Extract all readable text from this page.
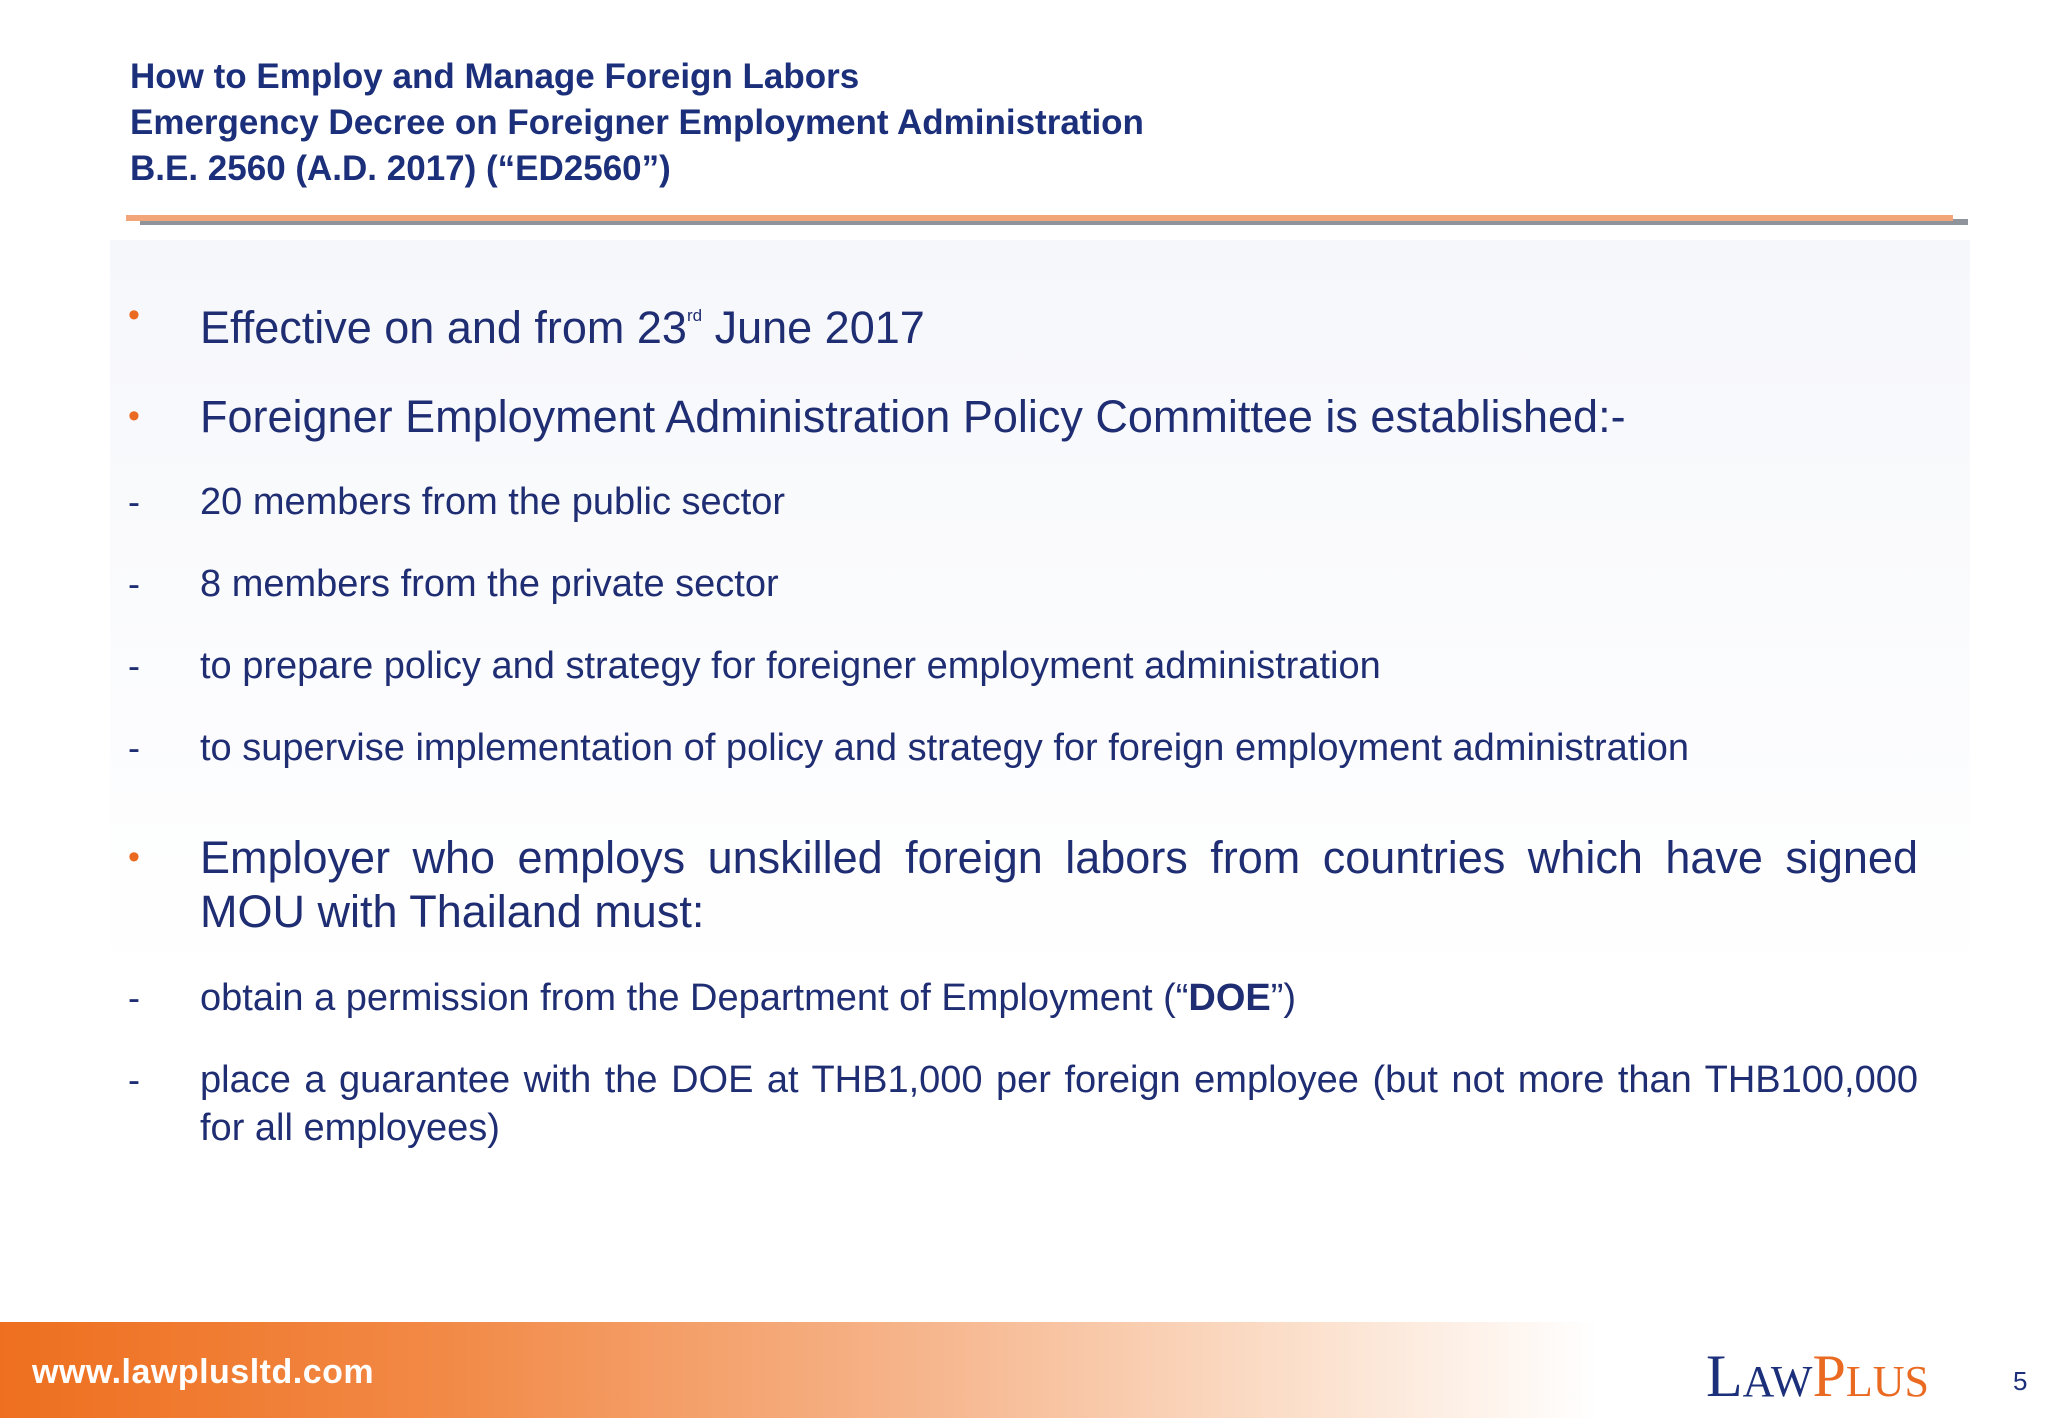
How to Employ and Manage Foreign Labors
Emergency Decree on Foreigner Employment Administration
B.E. 2560 (A.D. 2017) (“ED2560”)
• Effective on and from 23rd June 2017
• Foreigner Employment Administration Policy Committee is established:-
- 20 members from the public sector
- 8 members from the private sector
- to prepare policy and strategy for foreigner employment administration
- to supervise implementation of policy and strategy for foreign employment administration
• Employer who employs unskilled foreign labors from countries which have signed MOU with Thailand must:
- obtain a permission from the Department of Employment (“DOE”)
- place a guarantee with the DOE at THB1,000 per foreign employee (but not more than THB100,000 for all employees)
www.lawplusltd.com	LAWPLUS	5
